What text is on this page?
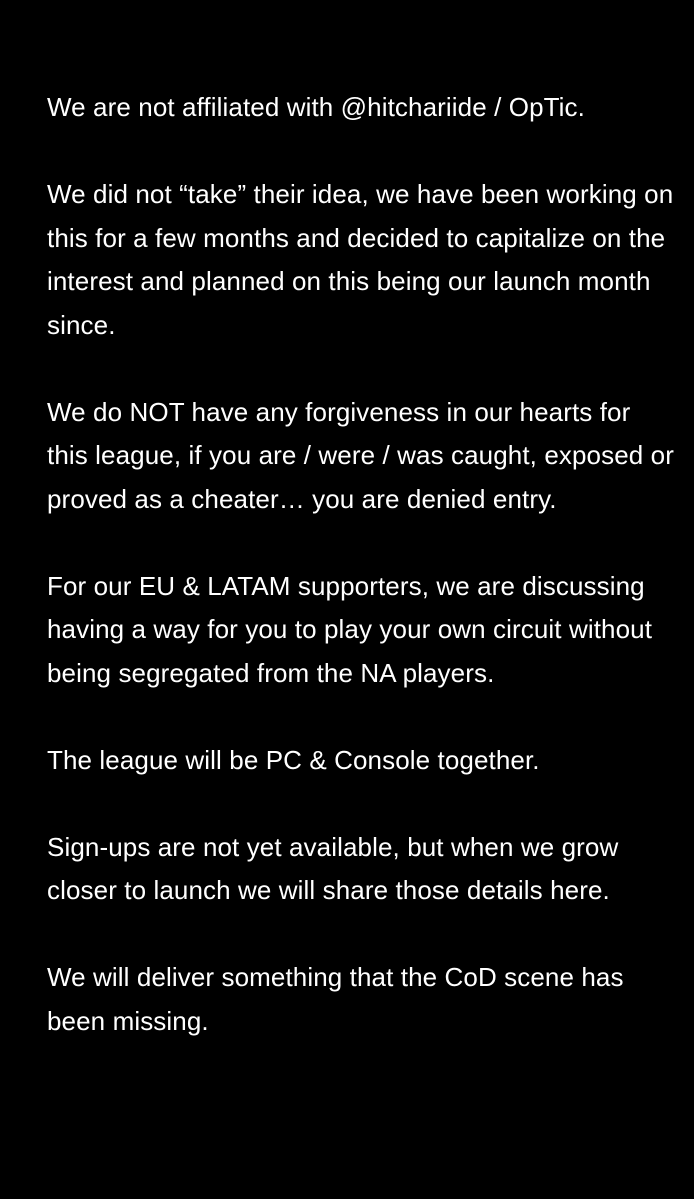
We are not affiliated with @hitchariide / OpTic.

We did not “take” their idea, we have been working on this for a few months and decided to capitalize on the interest and planned on this being our launch month since.

We do NOT have any forgiveness in our hearts for this league, if you are / were / was caught, exposed or proved as a cheater… you are denied entry.

For our EU & LATAM supporters, we are discussing having a way for you to play your own circuit without being segregated from the NA players.

The league will be PC & Console together.

Sign-ups are not yet available, but when we grow closer to launch we will share those details here.

We will deliver something that the CoD scene has been missing.
